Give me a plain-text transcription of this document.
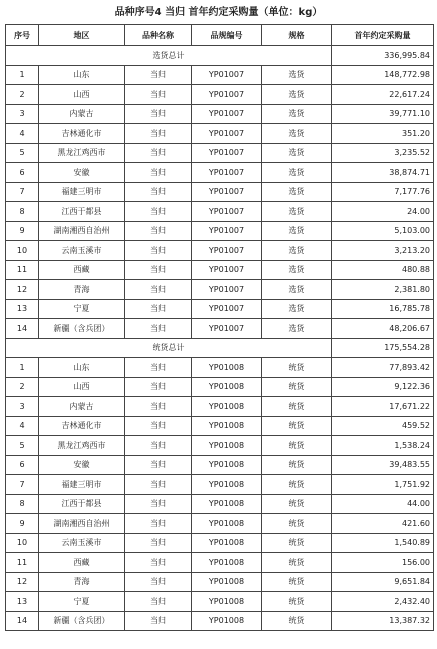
品种序号4 当归 首年约定采购量（单位：kg）
序号	地区	品种名称	品规编号	规格	首年约定采购量
选货总计					336,995.84
1	山东	当归	YP01007	选货	148,772.98
2	山西	当归	YP01007	选货	22,617.24
3	内蒙古	当归	YP01007	选货	39,771.10
4	吉林通化市	当归	YP01007	选货	351.20
5	黑龙江鸡西市	当归	YP01007	选货	3,235.52
6	安徽	当归	YP01007	选货	38,874.71
7	福建三明市	当归	YP01007	选货	7,177.76
8	江西于都县	当归	YP01007	选货	24.00
9	湖南湘西自治州	当归	YP01007	选货	5,103.00
10	云南玉溪市	当归	YP01007	选货	3,213.20
11	西藏	当归	YP01007	选货	480.88
12	青海	当归	YP01007	选货	2,381.80
13	宁夏	当归	YP01007	选货	16,785.78
14	新疆（含兵团）	当归	YP01007	选货	48,206.67
统货总计					175,554.28
1	山东	当归	YP01008	统货	77,893.42
2	山西	当归	YP01008	统货	9,122.36
3	内蒙古	当归	YP01008	统货	17,671.22
4	吉林通化市	当归	YP01008	统货	459.52
5	黑龙江鸡西市	当归	YP01008	统货	1,538.24
6	安徽	当归	YP01008	统货	39,483.55
7	福建三明市	当归	YP01008	统货	1,751.92
8	江西于都县	当归	YP01008	统货	44.00
9	湖南湘西自治州	当归	YP01008	统货	421.60
10	云南玉溪市	当归	YP01008	统货	1,540.89
11	西藏	当归	YP01008	统货	156.00
12	青海	当归	YP01008	统货	9,651.84
13	宁夏	当归	YP01008	统货	2,432.40
14	新疆（含兵团）	当归	YP01008	统货	13,387.32
